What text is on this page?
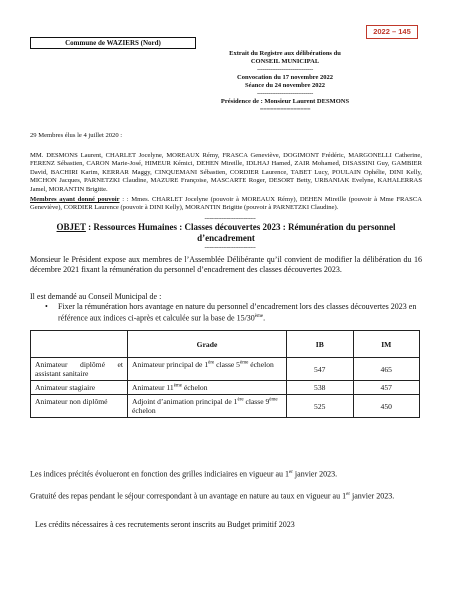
2022 – 145
Commune de WAZIERS (Nord)
Extrait du Registre aux délibérations du
CONSEIL MUNICIPAL
------------------------------
Convocation du 17 novembre 2022
Séance du 24 novembre 2022
------------------------------
Présidence de : Monsieur Laurent DESMONS
===============
29 Membres élus le 4 juillet 2020 :
MM. DESMONS Laurent, CHARLET Jocelyne, MOREAUX Rémy, FRASCA Geneviève, DOGIMONT Frédéric, MARGONELLI Catherine, FERENZ Sébastien, CARON Marie-José, HIMEUR Kémici, DEHEN Mireille, IDLHAJ Hamed, ZAIR Mohamed, DISASSINI Guy, GAMBIER David, BACHIRI Karim, KERRAR Maggy, CINQUEMANI Sébastien, CORDIER Laurence, TABET Lucy, POULAIN Ophélie, DINI Kelly, MICHON Jacques, PARNETZKI Claudine, MAZURE Françoise, MASCARTE Roger, DESORT Betty, URBANIAK Evelyne, KAHALERRAS Jamel, MORANTIN Brigitte.
Membres ayant donné pouvoir : : Mmes. CHARLET Jocelyne (pouvoir à MOREAUX Rémy), DEHEN Mireille (pouvoir à Mme FRASCA Geneviève), CORDIER Laurence (pouvoir à DINI Kelly), MORANTIN Brigitte (pouvoir à PARNETZKI Claudine).
------------------------------
OBJET : Ressources Humaines : Classes découvertes 2023 : Rémunération du personnel d’encadrement
------------------------------
Monsieur le Président expose aux membres de l’Assemblée Délibérante qu’il convient de modifier la délibération du 16 décembre 2021 fixant la rémunération du personnel d’encadrement des classes découvertes 2023.
Il est demandé au Conseil Municipal de :
• Fixer la rémunération hors avantage en nature du personnel d’encadrement lors des classes découvertes 2023 en référence aux indices ci-après et calculée sur la base de 15/30ème.
	Grade	IB	IM
Animateur diplômé et assistant sanitaire	Animateur principal de 1ère classe 5ème échelon	547	465
Animateur stagiaire	Animateur 11ème échelon	538	457
Animateur non diplômé	Adjoint d’animation principal de 1ère classe 9ème échelon	525	450
Les indices précités évolueront en fonction des grilles indiciaires en vigueur au 1er janvier 2023.
Gratuité des repas pendant le séjour correspondant à un avantage en nature au taux en vigueur au 1er janvier 2023.
Les crédits nécessaires à ces recrutements seront inscrits au Budget primitif 2023
